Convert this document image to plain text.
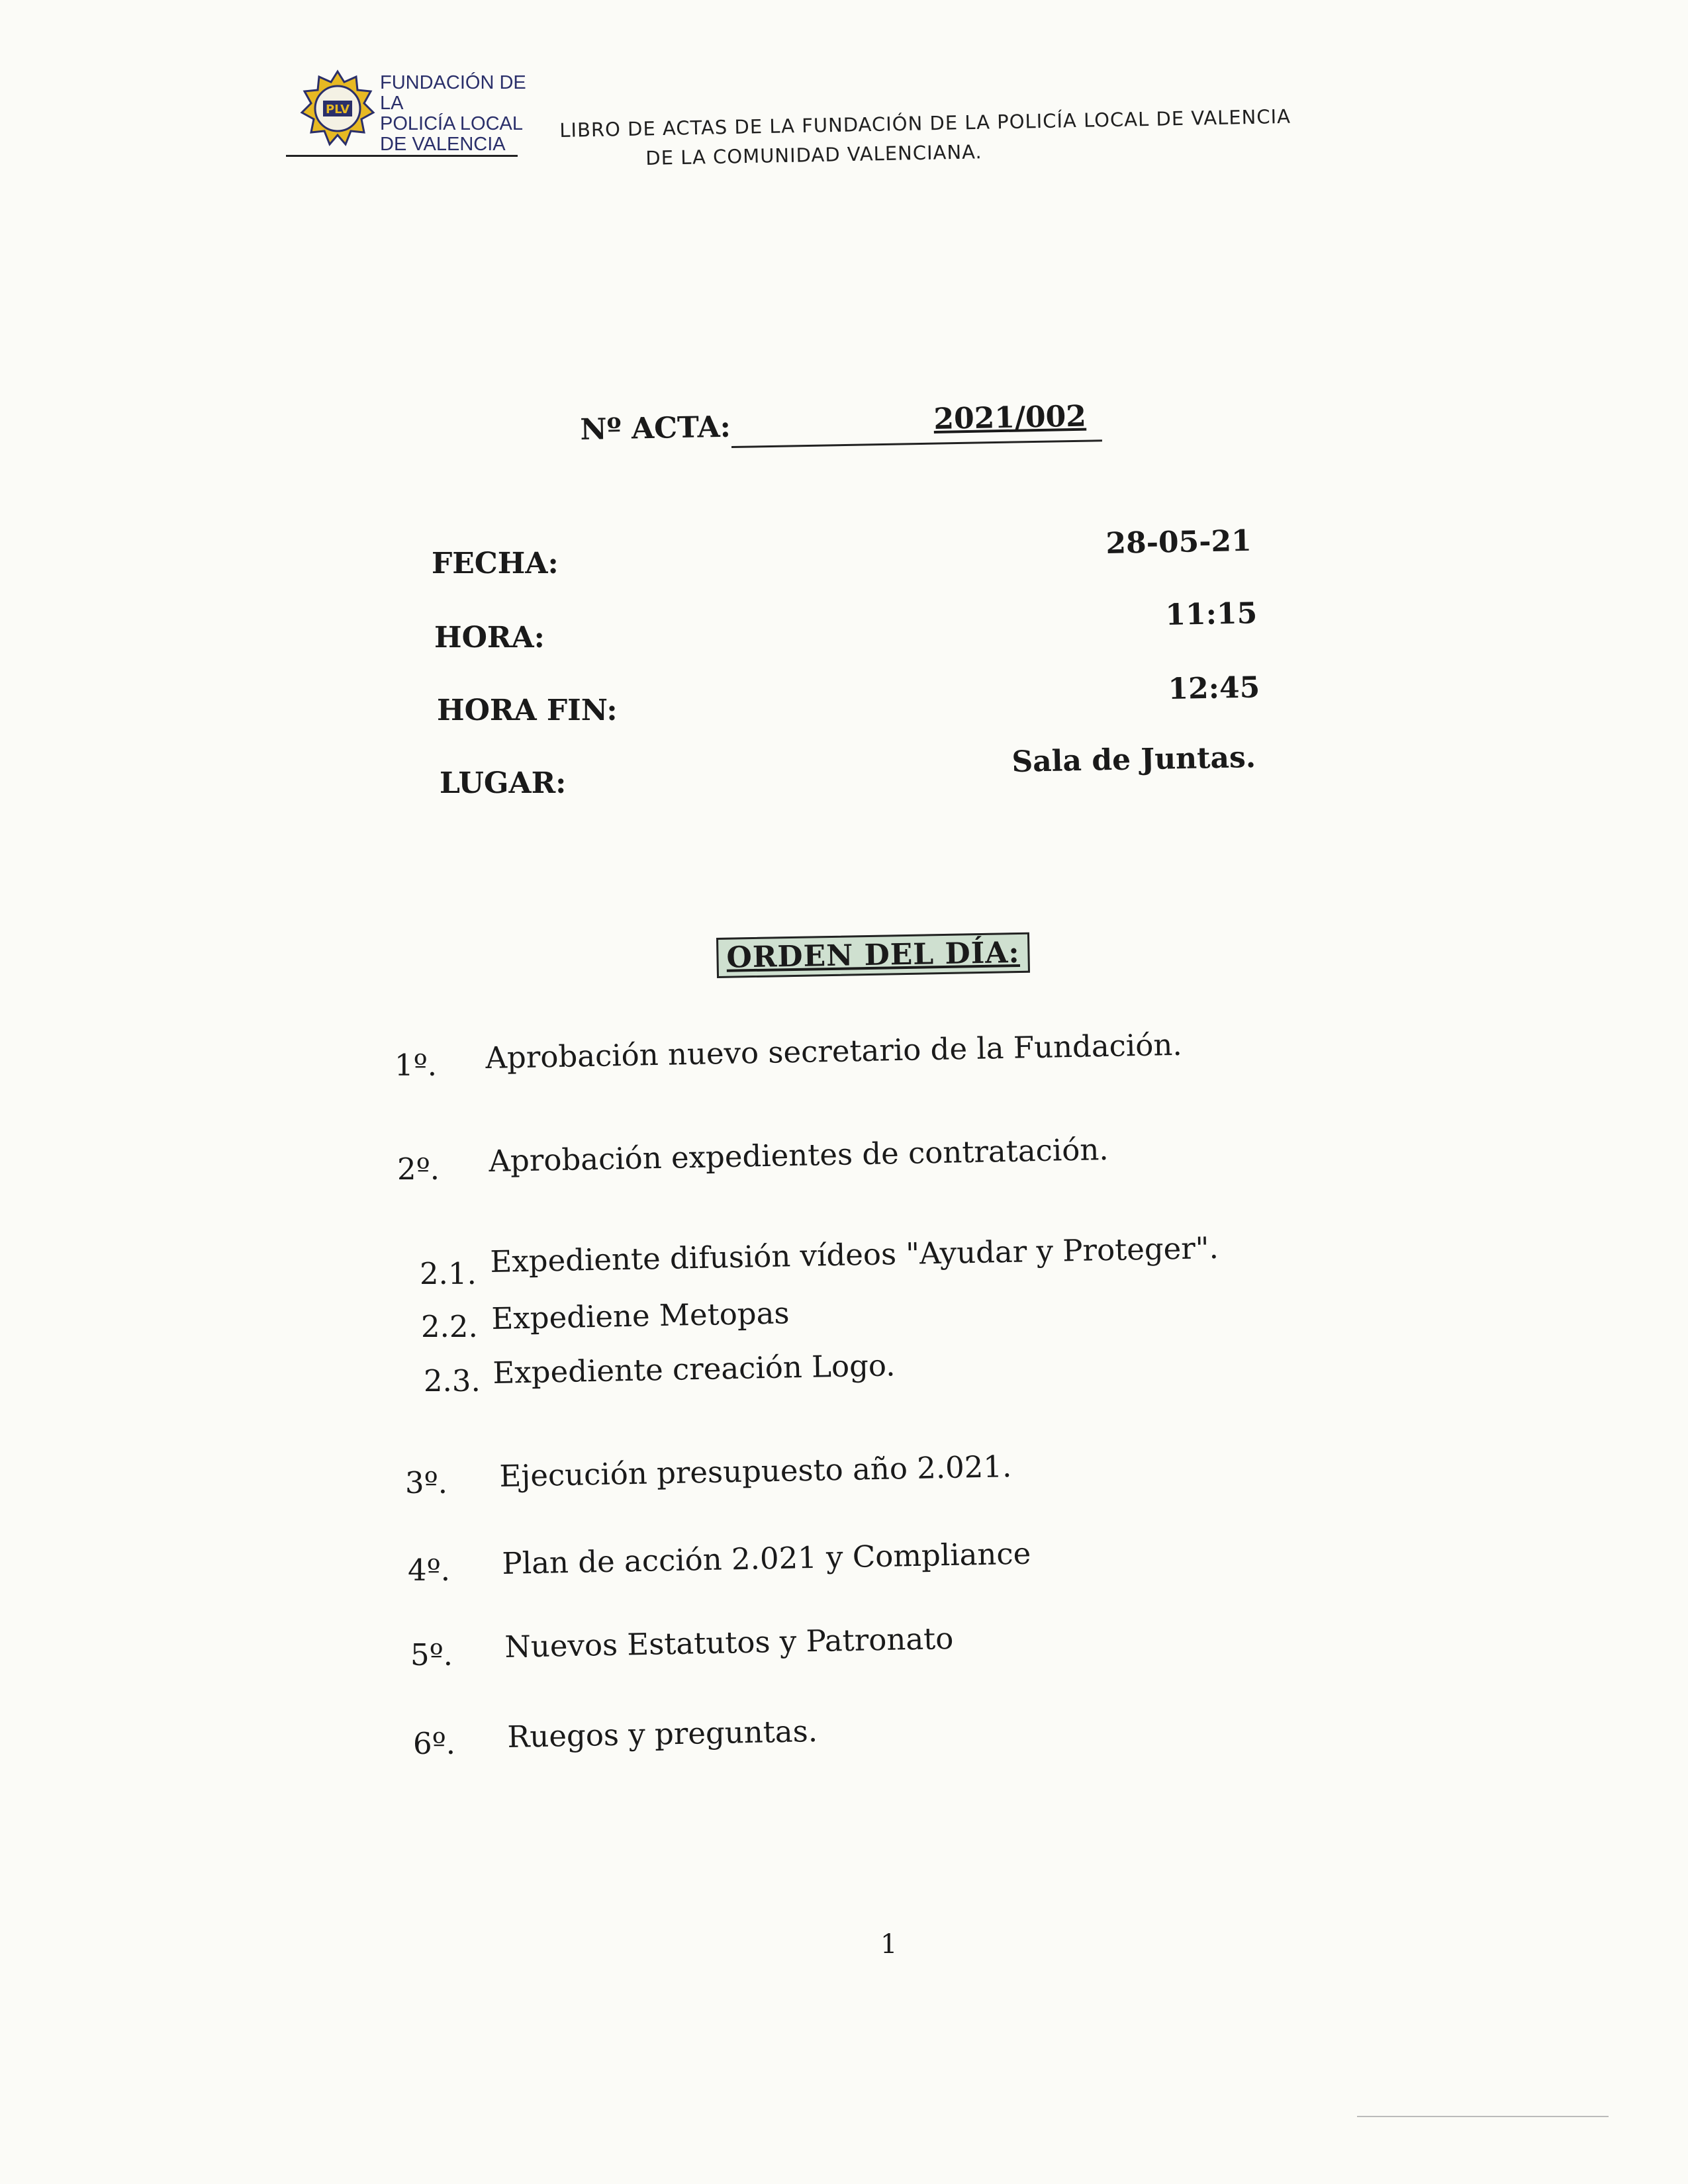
PLV
FUNDACIÓN DE LA
POLICÍA LOCAL
DE VALENCIA
LIBRO DE ACTAS DE LA FUNDACIÓN DE LA POLICÍA LOCAL DE VALENCIA
DE LA COMUNIDAD VALENCIANA.
Nº ACTA:	2021/002
FECHA:
28-05-21
HORA:
11:15
HORA FIN:
12:45
LUGAR:
Sala de Juntas.
ORDEN DEL DÍA:
1º. Aprobación nuevo secretario de la Fundación.
2º. Aprobación expedientes de contratación.
2.1. Expediente difusión vídeos "Ayudar y Proteger".
2.2. Expediene Metopas
2.3. Expediente creación Logo.
3º. Ejecución presupuesto año 2.021.
4º. Plan de acción 2.021 y Compliance
5º. Nuevos Estatutos y Patronato
6º. Ruegos y preguntas.
1
